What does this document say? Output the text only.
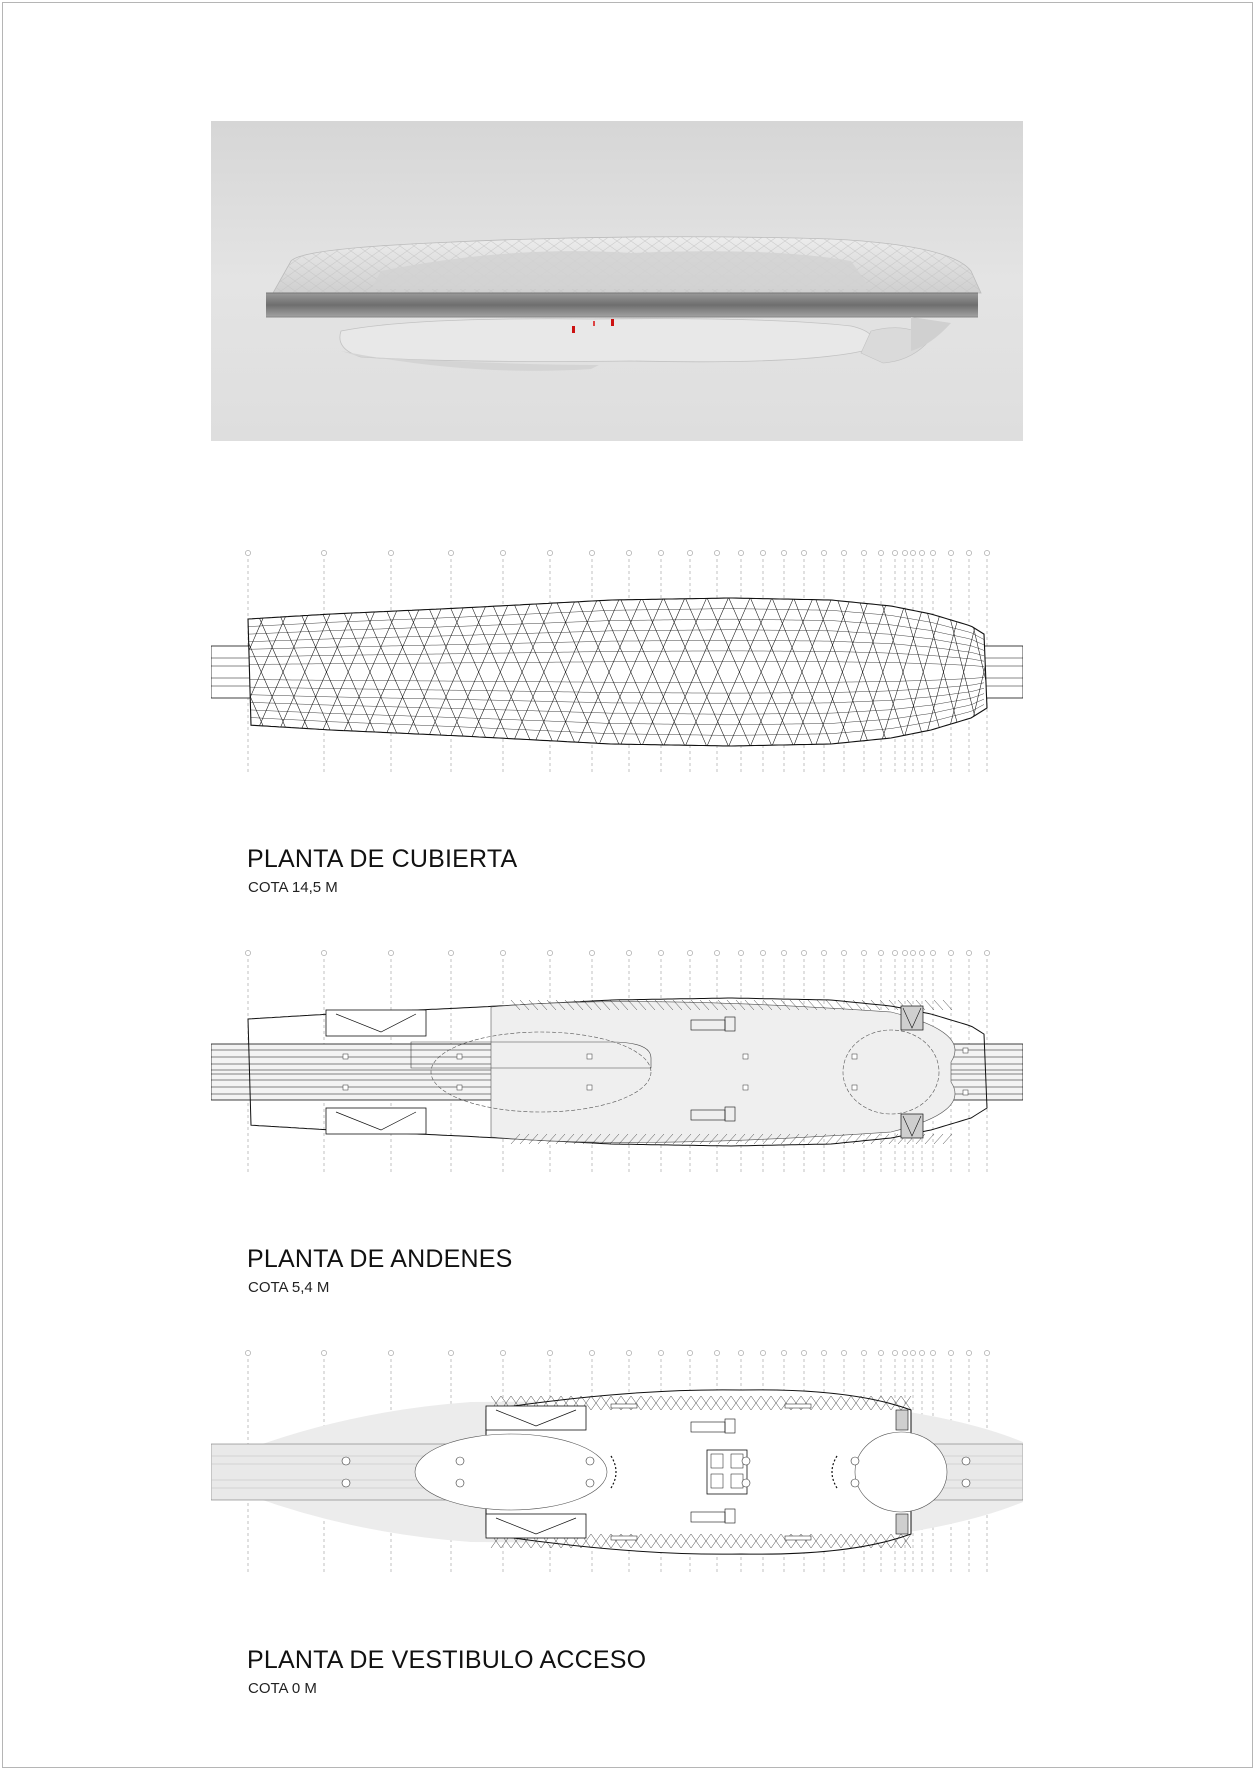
PLANTA DE CUBIERTA
COTA 14,5 M
PLANTA DE ANDENES
COTA 5,4 M
PLANTA DE VESTIBULO ACCESO
COTA 0 M
